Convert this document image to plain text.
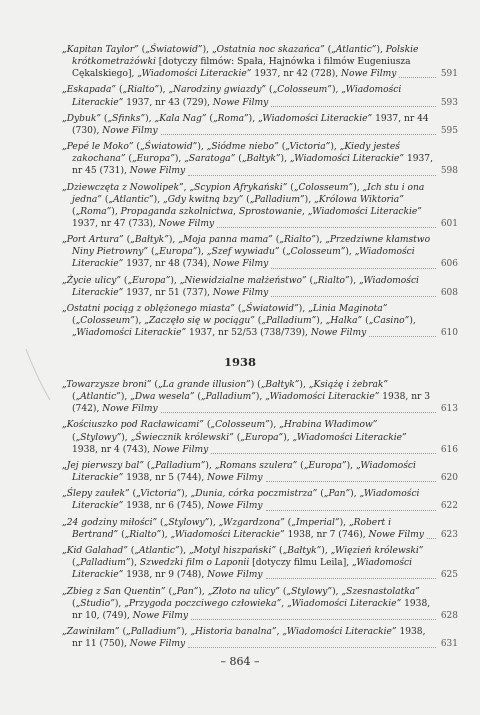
„Kapitan Taylor” („Światowid”), „Ostatnia noc skazańca” („Atlantic”), Polskie krótkometrażówki [dotyczy filmów: Spała, Hajnówka i filmów Eugeniusza Cękalskiego], „Wiadomości Literackie” 1937, nr 42 (728), Nowe Filmy	591
„Eskapada” („Rialto”), „Narodziny gwiazdy” („Colosseum”), „Wiadomości Literackie” 1937, nr 43 (729), Nowe Filmy	593
„Dybuk” („Sfinks”), „Kala Nag” („Roma”), „Wiadomości Literackie” 1937, nr 44 (730), Nowe Filmy	595
„Pepé le Moko” („Światowid”), „Siódme niebo” („Victoria”), „Kiedy jesteś zakochana” („Europa”), „Saratoga” („Bałtyk”), „Wiadomości Literackie” 1937, nr 45 (731), Nowe Filmy	598
„Dziewczęta z Nowolipek”, „Scypion Afrykański” („Colosseum”), „Ich stu i ona jedna” („Atlantic”), „Gdy kwitną bzy” („Palladium”), „Królowa Wiktoria” („Roma”), Propaganda szkolnictwa, Sprostowanie, „Wiadomości Literackie” 1937, nr 47 (733), Nowe Filmy	601
„Port Artura” („Bałtyk”), „Moja panna mama” („Rialto”), „Przedziwne kłamstwo Niny Pietrowny” („Europa”), „Szef wywiadu” („Colosseum”), „Wiadomości Literackie” 1937, nr 48 (734), Nowe Filmy	606
„Życie ulicy” („Europa”), „Niewidzialne małżeństwo” („Rialto”), „Wiadomości Literackie” 1937, nr 51 (737), Nowe Filmy	608
„Ostatni pociąg z oblężonego miasta” („Światowid”), „Linia Maginota” („Colosseum”), „Zaczęło się w pociągu” („Palladium”), „Halka” („Casino”), „Wiadomości Literackie” 1937, nr 52/53 (738/739), Nowe Filmy	610
1938
„Towarzysze broni” („La grande illusion”) („Bałtyk”), „Książę i żebrak” („Atlantic”), „Dwa wesela” („Palladium”), „Wiadomości Literackie” 1938, nr 3 (742), Nowe Filmy	613
„Kościuszko pod Racławicami” („Colosseum”), „Hrabina Władimow” („Stylowy”), „Świecznik królewski” („Europa”), „Wiadomości Literackie” 1938, nr 4 (743), Nowe Filmy	616
„Jej pierwszy bal” („Palladium”), „Romans szulera” („Europa”), „Wiadomości Literackie” 1938, nr 5 (744), Nowe Filmy	620
„Ślepy zaułek” („Victoria”), „Dunia, córka poczmistrza” („Pan”), „Wiadomości Literackie” 1938, nr 6 (745), Nowe Filmy	622
„24 godziny miłości” („Stylowy”), „Wzgardzona” („Imperial”), „Robert i Bertrand” („Rialto”), „Wiadomości Literackie” 1938, nr 7 (746), Nowe Filmy 623
„Kid Galahad” („Atlantic”), „Motyl hiszpański” („Bałtyk”), „Więzień królewski” („Palladium”), Szwedzki film o Laponii [dotyczy filmu Leila], „Wiadomości Literackie” 1938, nr 9 (748), Nowe Filmy	625
„Zbieg z San Quentin” („Pan”), „Złoto na ulicy” („Stylowy”), „Szesnastolatka” („Studio”), „Przygoda poczciwego człowieka”, „Wiadomości Literackie” 1938, nr 10, (749), Nowe Filmy	628
„Zawiniłam” („Palladium”), „Historia banalna”, „Wiadomości Literackie” 1938, nr 11 (750), Nowe Filmy	631
– 864 –
